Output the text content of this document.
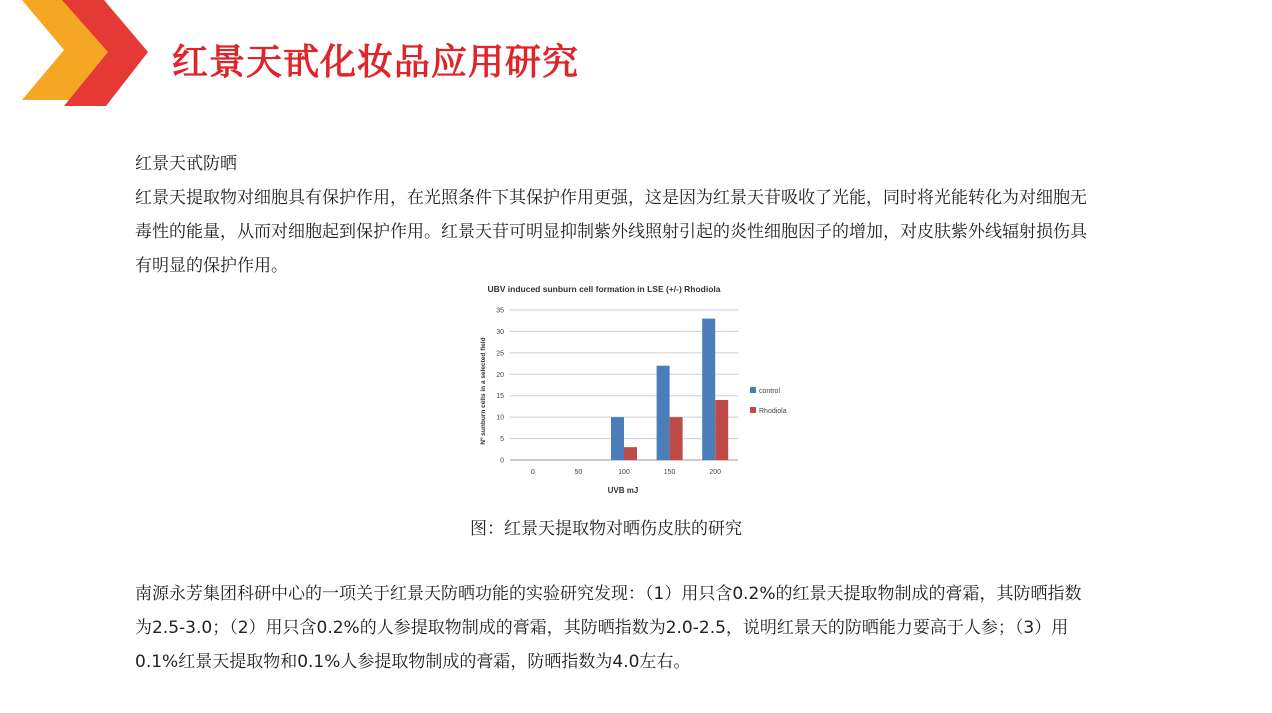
红景天甙化妆品应用研究

红景天甙防晒

红景天提取物对细胞具有保护作用，在光照条件下其保护作用更强，这是因为红景天苷吸收了光能，同时将光能转化为对细胞无毒性的能量，从而对细胞起到保护作用。红景天苷可明显抑制紫外线照射引起的炎性细胞因子的增加，对皮肤紫外线辐射损伤具有明显的保护作用。

UBV induced sunburn cell formation in LSE (+/-) Rhodiola
Nº sunburn cells in a selected field
UVB mJ
0
5
10
15
20
25
30
35
0	50	100	150	200
control
Rhodiola
图：红景天提取物对晒伤皮肤的研究
南源永芳集团科研中心的一项关于红景天防晒功能的实验研究发现：（1）用只含0.2%的红景天提取物制成的膏霜，其防晒指数为2.5-3.0；（2）用只含0.2%的人参提取物制成的膏霜，其防晒指数为2.0-2.5，说明红景天的防晒能力要高于人参；（3）用0.1%红景天提取物和0.1%人参提取物制成的膏霜，防晒指数为4.0左右。
